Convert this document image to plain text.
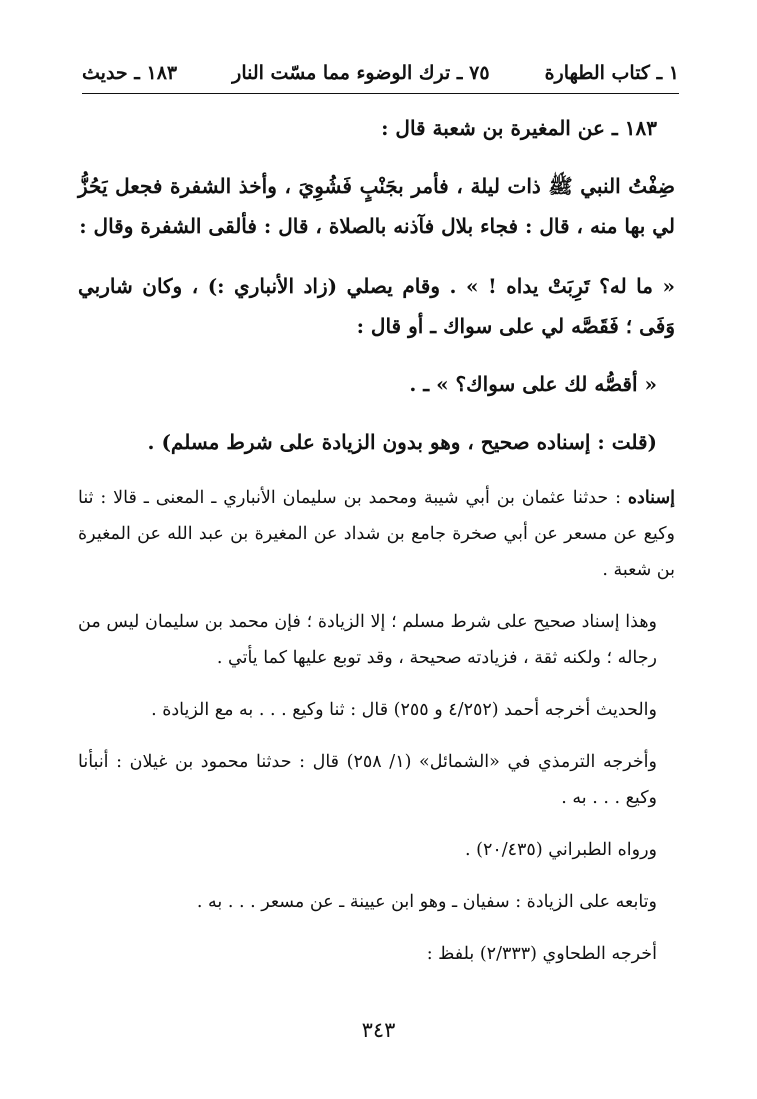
١ ـ كتاب الطهارة
٧٥ ـ ترك الوضوء مما مسّت النار
١٨٣ ـ حديث

١٨٣ ـ عن المغيرة بن شعبة قال :

ضِفْتُ النبي ﷺ ذات ليلة ، فأمر بجَنْبٍ فَشُوِيَ ، وأخذ الشفرة فجعل يَحُزُّ لي بها منه ، قال : فجاء بلال فآذنه بالصلاة ، قال : فألقى الشفرة وقال :

« ما له؟ تَرِبَتْ يداه ! » . وقام يصلي (زاد الأنباري :) ، وكان شاربي وَفَى ؛ فَقَصَّه لي على سواك ـ أو قال :

« أقصُّه لك على سواك؟ » ـ .

(قلت : إسناده صحيح ، وهو بدون الزيادة على شرط مسلم) .

إسناده : حدثنا عثمان بن أبي شيبة ومحمد بن سليمان الأنباري ـ المعنى ـ قالا : ثنا وكيع عن مسعر عن أبي صخرة جامع بن شداد عن المغيرة بن عبد الله عن المغيرة بن شعبة .

وهذا إسناد صحيح على شرط مسلم ؛ إلا الزيادة ؛ فإن محمد بن سليمان ليس من رجاله ؛ ولكنه ثقة ، فزيادته صحيحة ، وقد توبع عليها كما يأتي .

والحديث أخرجه أحمد (٤/٢٥٢ و ٢٥٥) قال : ثنا وكيع . . . به مع الزيادة .

وأخرجه الترمذي في «الشمائل» (١/ ٢٥٨) قال : حدثنا محمود بن غيلان : أنبأنا وكيع . . . به .

ورواه الطبراني (٢٠/٤٣٥) .

وتابعه على الزيادة : سفيان ـ وهو ابن عيينة ـ عن مسعر . . . به .

أخرجه الطحاوي (٢/٣٣٣) بلفظ :

٣٤٣
